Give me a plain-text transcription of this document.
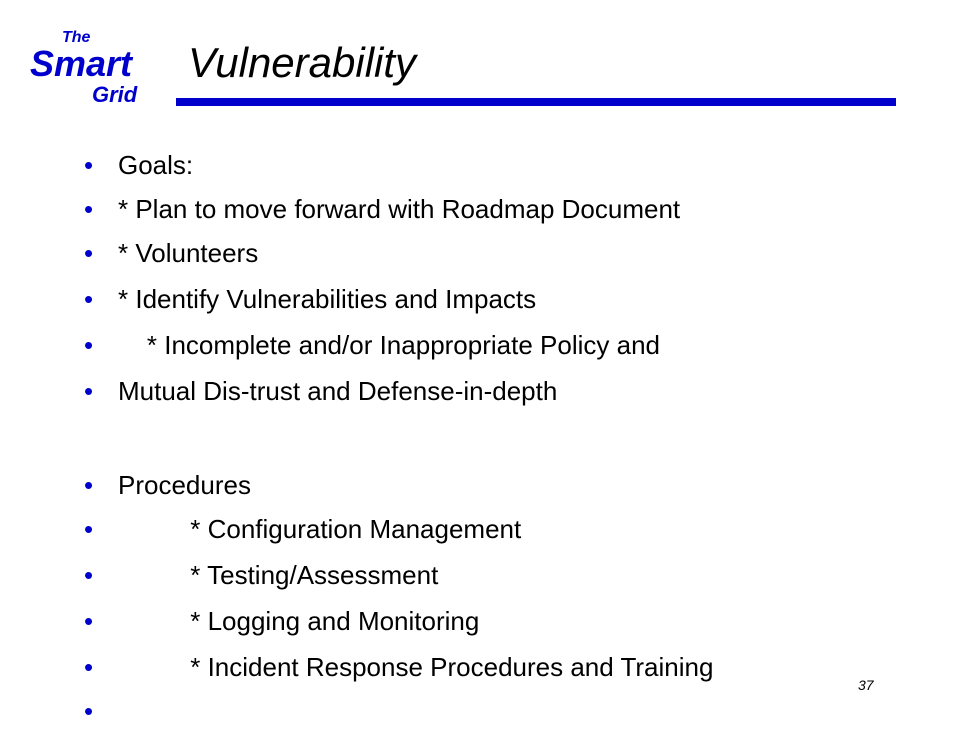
The
Smart
Grid
Vulnerability
• Goals:
• * Plan to move forward with Roadmap Document
• * Volunteers
• * Identify Vulnerabilities and Impacts
• * Incomplete and/or Inappropriate Policy and
• Mutual Dis-trust and Defense-in-depth
• Procedures
• * Configuration Management
• * Testing/Assessment
• * Logging and Monitoring
• * Incident Response Procedures and Training
•
37
